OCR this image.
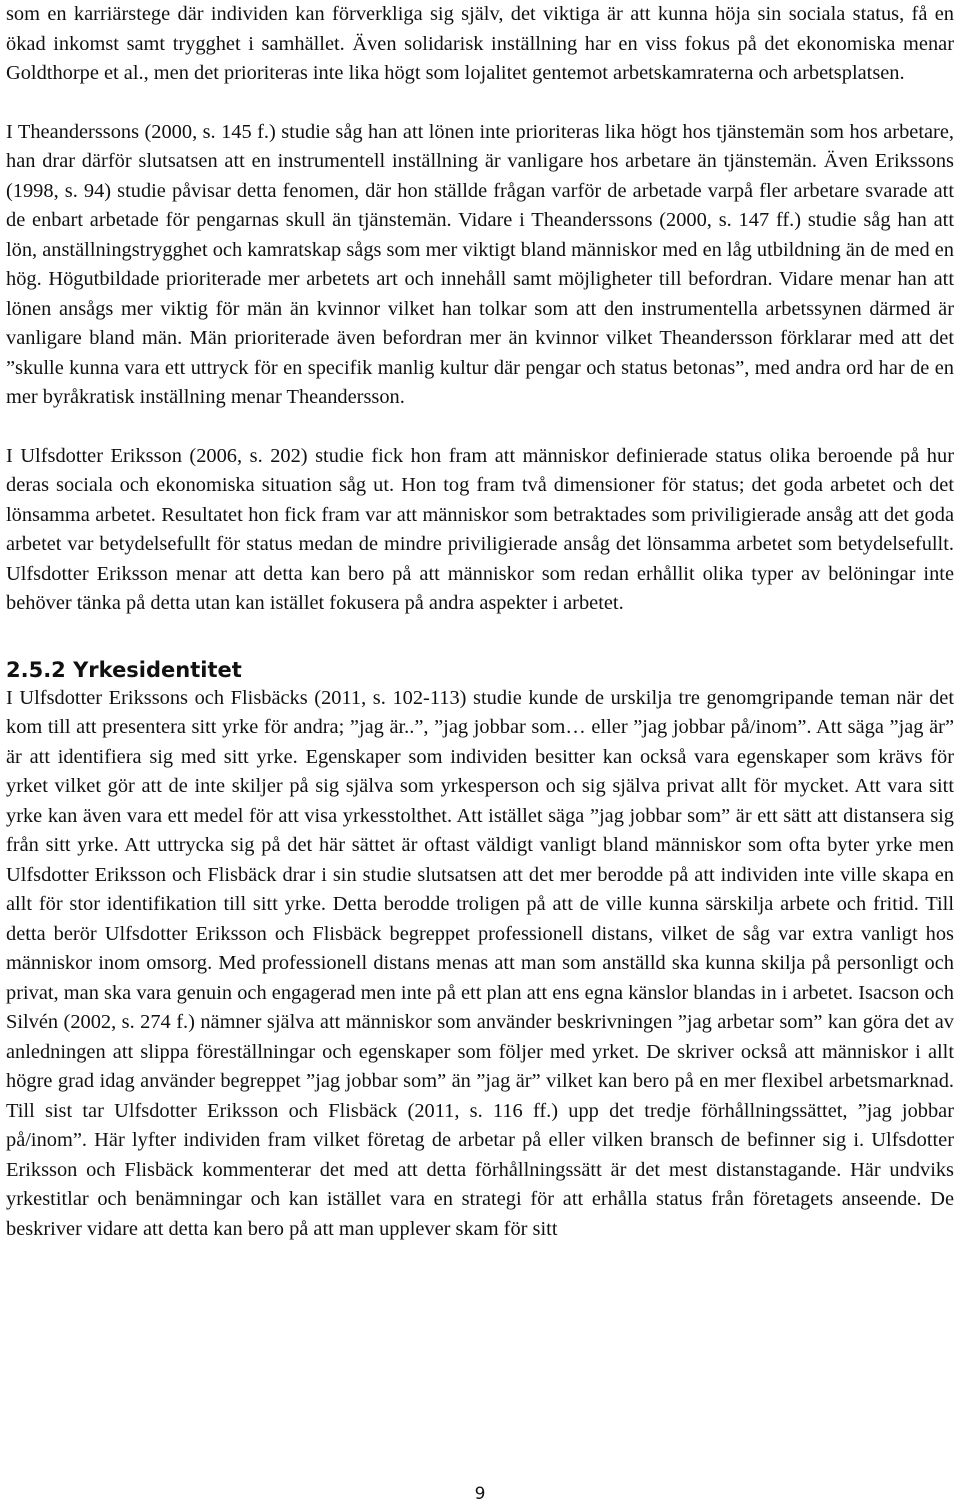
som en karriärstege där individen kan förverkliga sig själv, det viktiga är att kunna höja sin sociala status, få en ökad inkomst samt trygghet i samhället. Även solidarisk inställning har en viss fokus på det ekonomiska menar Goldthorpe et al., men det prioriteras inte lika högt som lojalitet gentemot arbetskamraterna och arbetsplatsen.

I Theanderssons (2000, s. 145 f.) studie såg han att lönen inte prioriteras lika högt hos tjänstemän som hos arbetare, han drar därför slutsatsen att en instrumentell inställning är vanligare hos arbetare än tjänstemän. Även Erikssons (1998, s. 94) studie påvisar detta fenomen, där hon ställde frågan varför de arbetade varpå fler arbetare svarade att de enbart arbetade för pengarnas skull än tjänstemän. Vidare i Theanderssons (2000, s. 147 ff.) studie såg han att lön, anställningstrygghet och kamratskap sågs som mer viktigt bland människor med en låg utbildning än de med en hög. Högutbildade prioriterade mer arbetets art och innehåll samt möjligheter till befordran. Vidare menar han att lönen ansågs mer viktig för män än kvinnor vilket han tolkar som att den instrumentella arbetssynen därmed är vanligare bland män. Män prioriterade även befordran mer än kvinnor vilket Theandersson förklarar med att det ”skulle kunna vara ett uttryck för en specifik manlig kultur där pengar och status betonas”, med andra ord har de en mer byråkratisk inställning menar Theandersson.

I Ulfsdotter Eriksson (2006, s. 202) studie fick hon fram att människor definierade status olika beroende på hur deras sociala och ekonomiska situation såg ut. Hon tog fram två dimensioner för status; det goda arbetet och det lönsamma arbetet. Resultatet hon fick fram var att människor som betraktades som priviligierade ansåg att det goda arbetet var betydelsefullt för status medan de mindre priviligierade ansåg det lönsamma arbetet som betydelsefullt. Ulfsdotter Eriksson menar att detta kan bero på att människor som redan erhållit olika typer av belöningar inte behöver tänka på detta utan kan istället fokusera på andra aspekter i arbetet.

2.5.2 Yrkesidentitet

I Ulfsdotter Erikssons och Flisbäcks (2011, s. 102-113) studie kunde de urskilja tre genomgripande teman när det kom till att presentera sitt yrke för andra; ”jag är..”, ”jag jobbar som… eller ”jag jobbar på/inom”. Att säga ”jag är” är att identifiera sig med sitt yrke. Egenskaper som individen besitter kan också vara egenskaper som krävs för yrket vilket gör att de inte skiljer på sig själva som yrkesperson och sig själva privat allt för mycket. Att vara sitt yrke kan även vara ett medel för att visa yrkesstolthet. Att istället säga ”jag jobbar som” är ett sätt att distansera sig från sitt yrke. Att uttrycka sig på det här sättet är oftast väldigt vanligt bland människor som ofta byter yrke men Ulfsdotter Eriksson och Flisbäck drar i sin studie slutsatsen att det mer berodde på att individen inte ville skapa en allt för stor identifikation till sitt yrke. Detta berodde troligen på att de ville kunna särskilja arbete och fritid. Till detta berör Ulfsdotter Eriksson och Flisbäck begreppet professionell distans, vilket de såg var extra vanligt hos människor inom omsorg. Med professionell distans menas att man som anställd ska kunna skilja på personligt och privat, man ska vara genuin och engagerad men inte på ett plan att ens egna känslor blandas in i arbetet. Isacson och Silvén (2002, s. 274 f.) nämner själva att människor som använder beskrivningen ”jag arbetar som” kan göra det av anledningen att slippa föreställningar och egenskaper som följer med yrket. De skriver också att människor i allt högre grad idag använder begreppet ”jag jobbar som” än ”jag är” vilket kan bero på en mer flexibel arbetsmarknad. Till sist tar Ulfsdotter Eriksson och Flisbäck (2011, s. 116 ff.) upp det tredje förhållningssättet, ”jag jobbar på/inom”. Här lyfter individen fram vilket företag de arbetar på eller vilken bransch de befinner sig i. Ulfsdotter Eriksson och Flisbäck kommenterar det med att detta förhållningssätt är det mest distanstagande. Här undviks yrkestitlar och benämningar och kan istället vara en strategi för att erhålla status från företagets anseende. De beskriver vidare att detta kan bero på att man upplever skam för sitt

9
